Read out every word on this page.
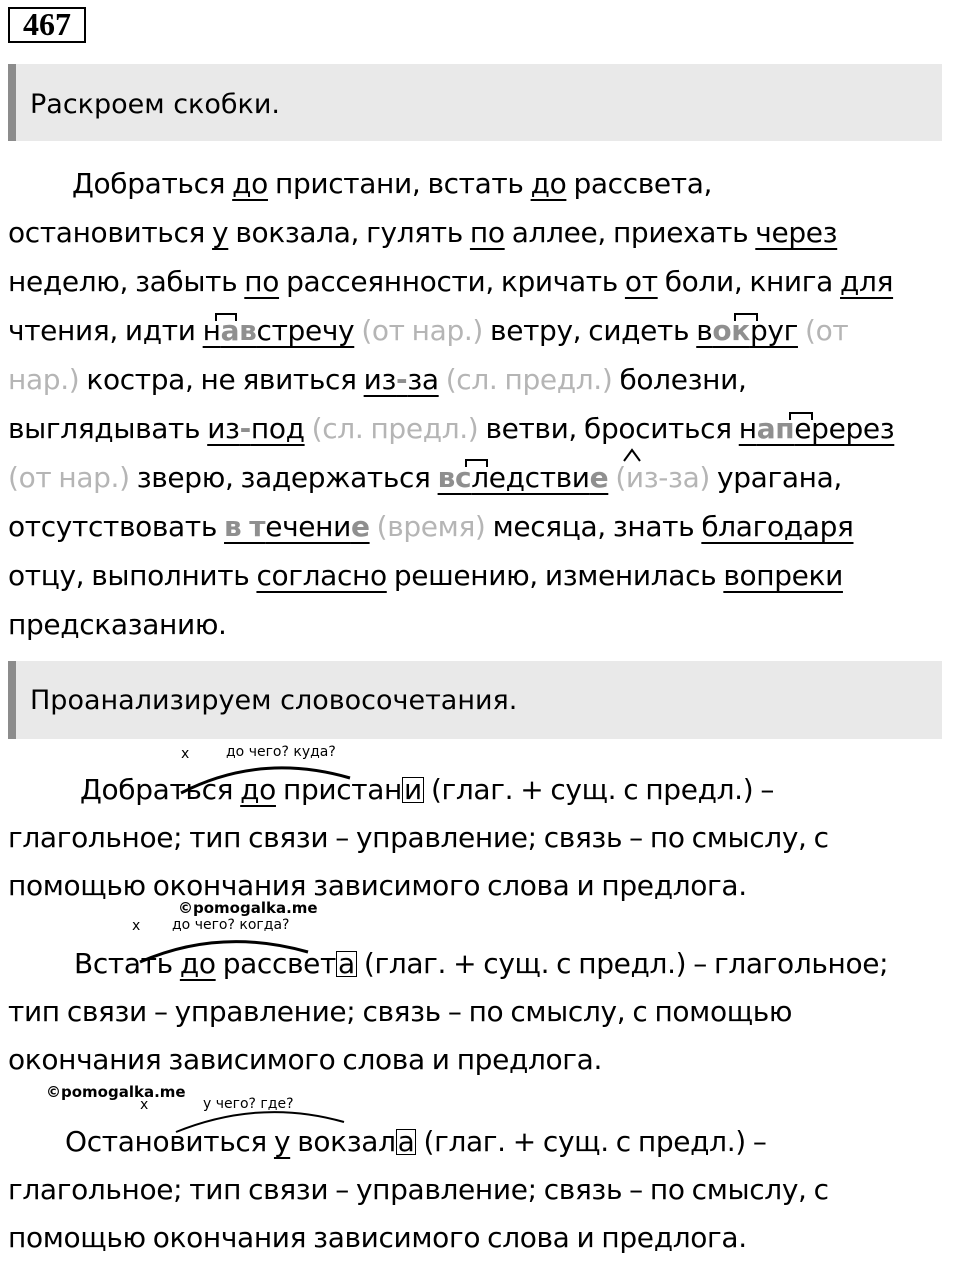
467
Раскроем скобки.
Добраться до пристани, встать до рассвета,
остановиться у вокзала, гулять по аллее, приехать через
неделю, забыть по рассеянности, кричать от боли, книга для
чтения, идти навстречу (от нар.) ветру, сидеть вокруг (от
нар.) костра, не явиться из-за (сл. предл.) болезни,
выглядывать из-под (сл. предл.) ветви, броситься наперерез
(от нар.) зверю, задержаться вследствие (из-за) урагана,
отсутствовать в течение (время) месяца, знать благодаря
отцу, выполнить согласно решению, изменилась вопреки
предсказанию.
Проанализируем словосочетания.
х	до чего? куда?
Добраться до пристани (глаг. + сущ. с предл.) –
глагольное; тип связи – управление; связь – по смыслу, с
помощью окончания зависимого слова и предлога.
©pomogalka.me
х до чего? когда?
Встать до рассвета (глаг. + сущ. с предл.) – глагольное;
тип связи – управление; связь – по смыслу, с помощью
окончания зависимого слова и предлога.
©pomogalka.me
х	у чего? где?
Остановиться у вокзала (глаг. + сущ. с предл.) –
глагольное; тип связи – управление; связь – по смыслу, с
помощью окончания зависимого слова и предлога.
